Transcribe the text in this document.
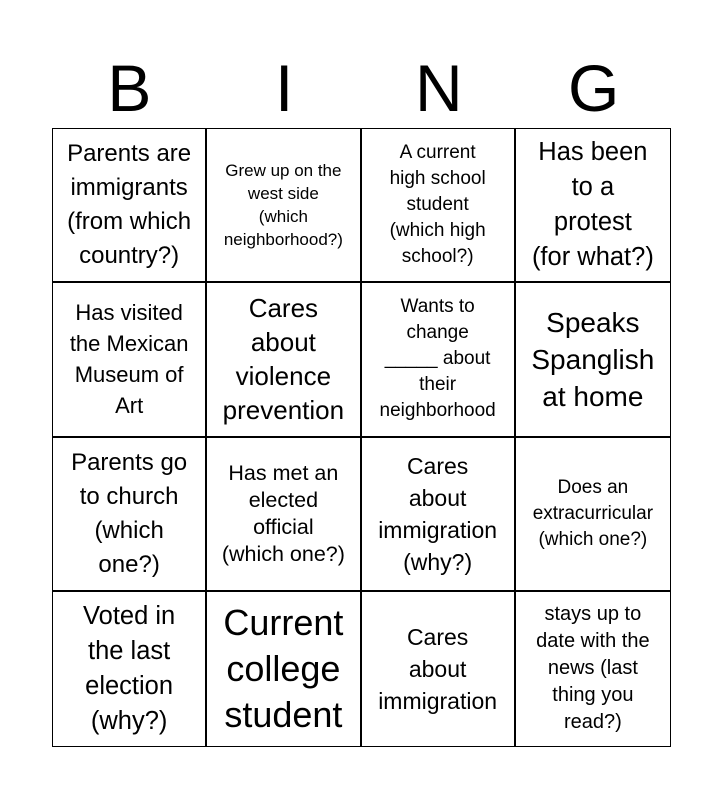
B	I	N	G
Parents are
immigrants
(from which
country?)
Grew up on the
west side
(which
neighborhood?)
A current
high school
student
(which high
school?)
Has been
to a
protest
(for what?)
Has visited
the Mexican
Museum of
Art
Cares
about
violence
prevention
Wants to
change
_____ about
their
neighborhood
Speaks
Spanglish
at home
Parents go
to church
(which
one?)
Has met an
elected
official
(which one?)
Cares
about
immigration
(why?)
Does an
extracurricular
(which one?)
Voted in
the last
election
(why?)
Current
college
student
Cares
about
immigration
stays up to
date with the
news (last
thing you
read?)
